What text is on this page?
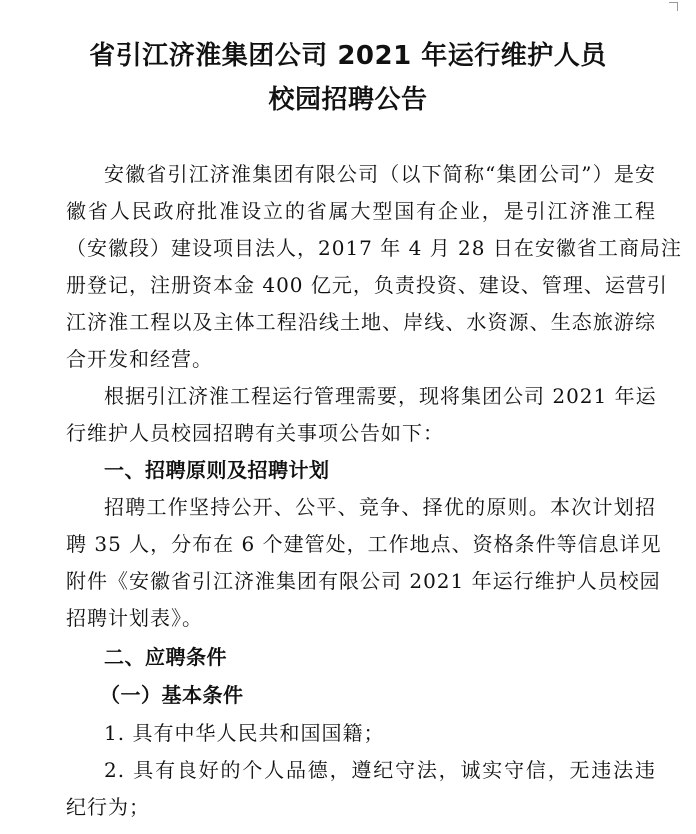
省引江济淮集团公司 2021 年运行维护人员
校园招聘公告
安徽省引江济淮集团有限公司（以下简称“集团公司”）是安
徽省人民政府批准设立的省属大型国有企业，是引江济淮工程
（安徽段）建设项目法人，2017 年 4 月 28 日在安徽省工商局注
册登记，注册资本金 400 亿元，负责投资、建设、管理、运营引
江济淮工程以及主体工程沿线土地、岸线、水资源、生态旅游综
合开发和经营。
根据引江济淮工程运行管理需要，现将集团公司 2021 年运
行维护人员校园招聘有关事项公告如下：
一、招聘原则及招聘计划
招聘工作坚持公开、公平、竞争、择优的原则。本次计划招
聘 35 人，分布在 6 个建管处，工作地点、资格条件等信息详见
附件《安徽省引江济淮集团有限公司 2021 年运行维护人员校园
招聘计划表》。
二、应聘条件
（一）基本条件
1. 具有中华人民共和国国籍；
2. 具有良好的个人品德，遵纪守法，诚实守信，无违法违
纪行为；
